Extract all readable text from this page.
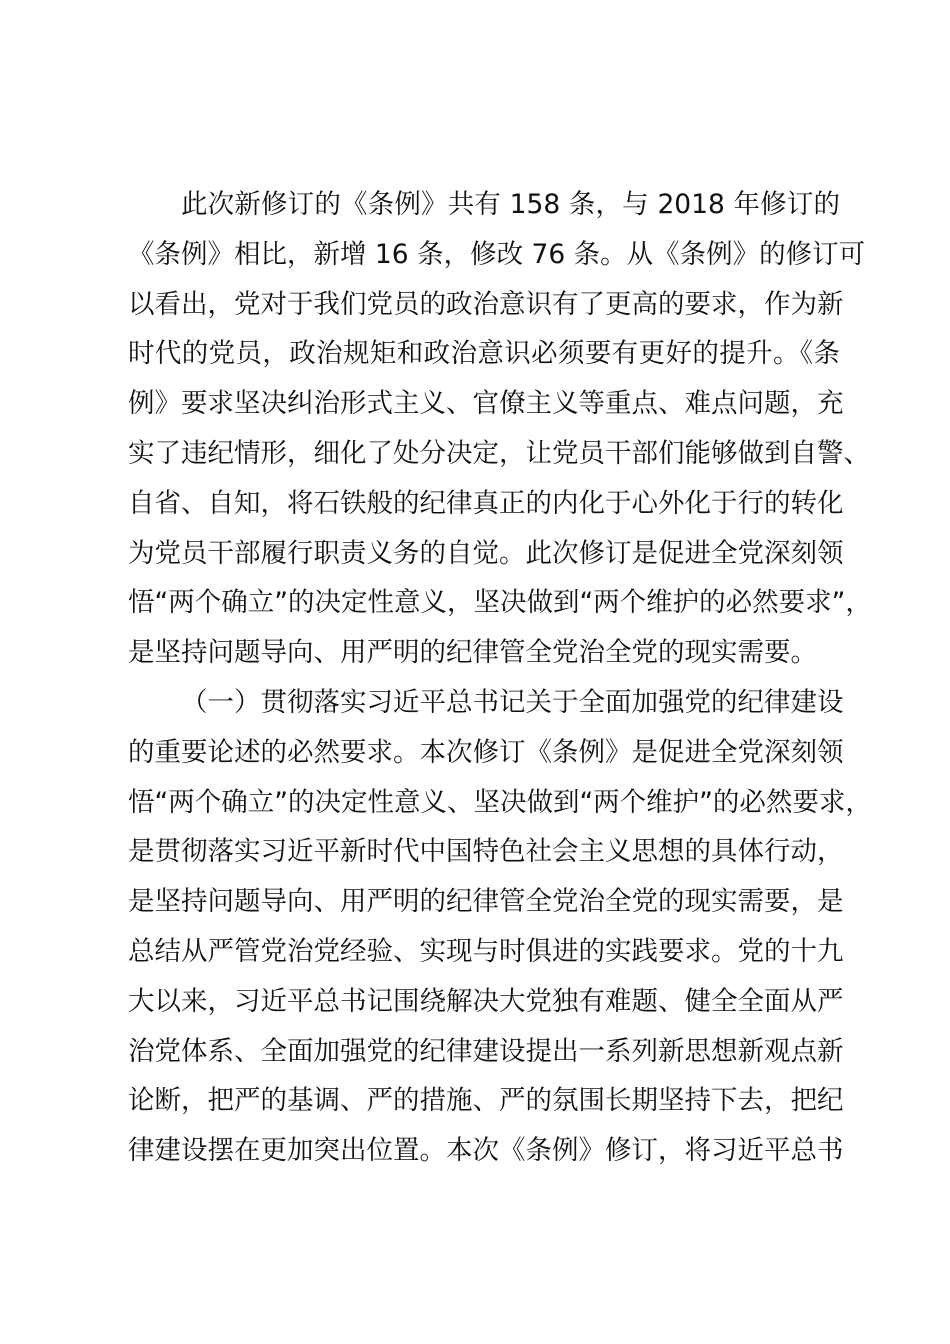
此次新修订的《条例》共有 158 条，与 2018 年修订的
《条例》相比，新增 16 条，修改 76 条。从《条例》的修订可
以看出，党对于我们党员的政治意识有了更高的要求，作为新
时代的党员，政治规矩和政治意识必须要有更好的提升。《条
例》要求坚决纠治形式主义、官僚主义等重点、难点问题，充
实了违纪情形，细化了处分决定，让党员干部们能够做到自警、
自省、自知，将石铁般的纪律真正的内化于心外化于行的转化
为党员干部履行职责义务的自觉。此次修订是促进全党深刻领
悟“两个确立”的决定性意义，坚决做到“两个维护的必然要求”，
是坚持问题导向、用严明的纪律管全党治全党的现实需要。
（一）贯彻落实习近平总书记关于全面加强党的纪律建设
的重要论述的必然要求。本次修订《条例》是促进全党深刻领
悟“两个确立”的决定性意义、坚决做到“两个维护”的必然要求，
是贯彻落实习近平新时代中国特色社会主义思想的具体行动，
是坚持问题导向、用严明的纪律管全党治全党的现实需要，是
总结从严管党治党经验、实现与时俱进的实践要求。党的十九
大以来，习近平总书记围绕解决大党独有难题、健全全面从严
治党体系、全面加强党的纪律建设提出一系列新思想新观点新
论断，把严的基调、严的措施、严的氛围长期坚持下去，把纪
律建设摆在更加突出位置。本次《条例》修订，将习近平总书
